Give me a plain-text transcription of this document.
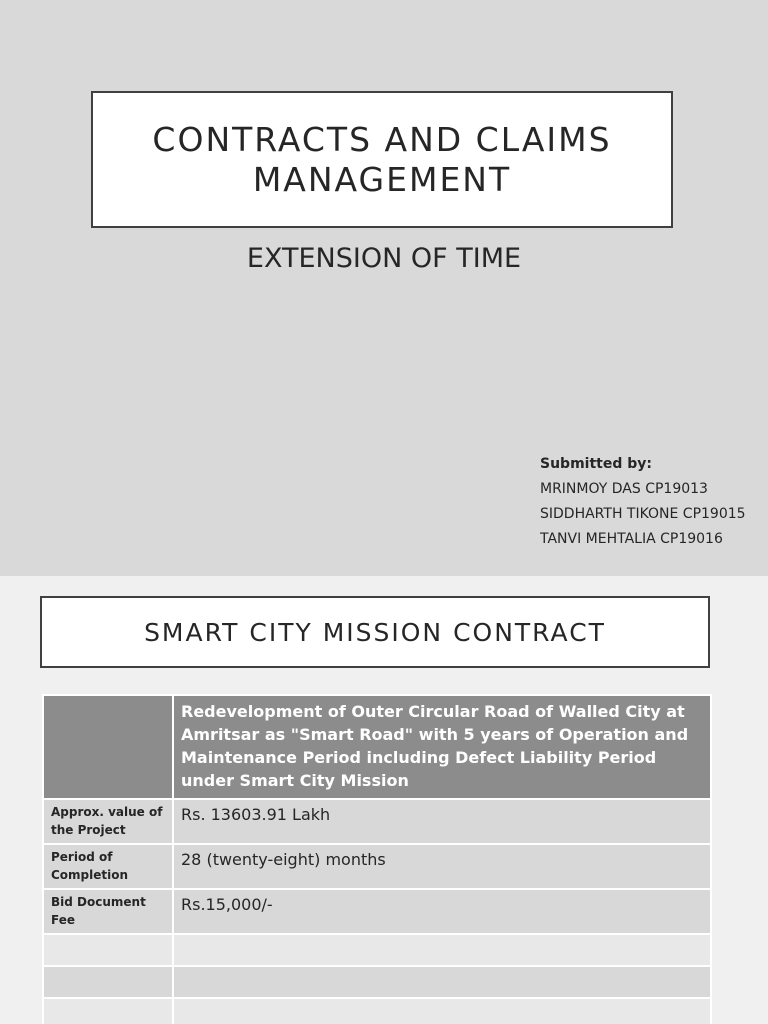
CONTRACTS AND CLAIMS
MANAGEMENT
EXTENSION OF TIME
Submitted by:
MRINMOY DAS CP19013
SIDDHARTH TIKONE CP19015
TANVI MEHTALIA CP19016
SMART CITY MISSION CONTRACT
	Redevelopment of Outer Circular Road of Walled City at Amritsar as "Smart Road" with 5 years of Operation and Maintenance Period including Defect Liability Period under Smart City Mission
Approx. value of the Project	Rs. 13603.91 Lakh
Period of Completion	28 (twenty-eight) months
Bid Document Fee	Rs.15,000/-
